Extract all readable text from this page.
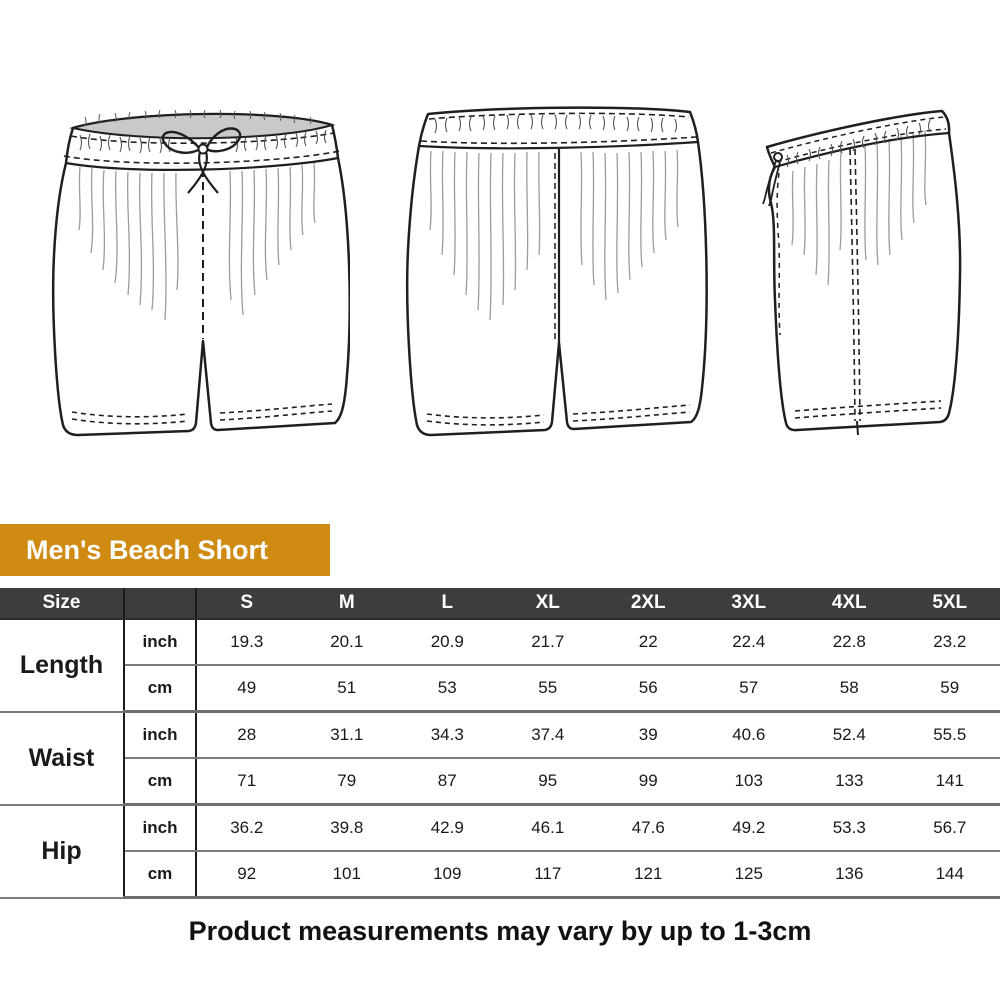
Men's Beach Short
Size		S	M	L	XL	2XL	3XL	4XL	5XL
Length	inch	19.3	20.1	20.9	21.7	22	22.4	22.8	23.2
	cm	49	51	53	55	56	57	58	59
Waist	inch	28	31.1	34.3	37.4	39	40.6	52.4	55.5
	cm	71	79	87	95	99	103	133	141
Hip	inch	36.2	39.8	42.9	46.1	47.6	49.2	53.3	56.7
	cm	92	101	109	117	121	125	136	144
Product measurements may vary by up to 1-3cm
